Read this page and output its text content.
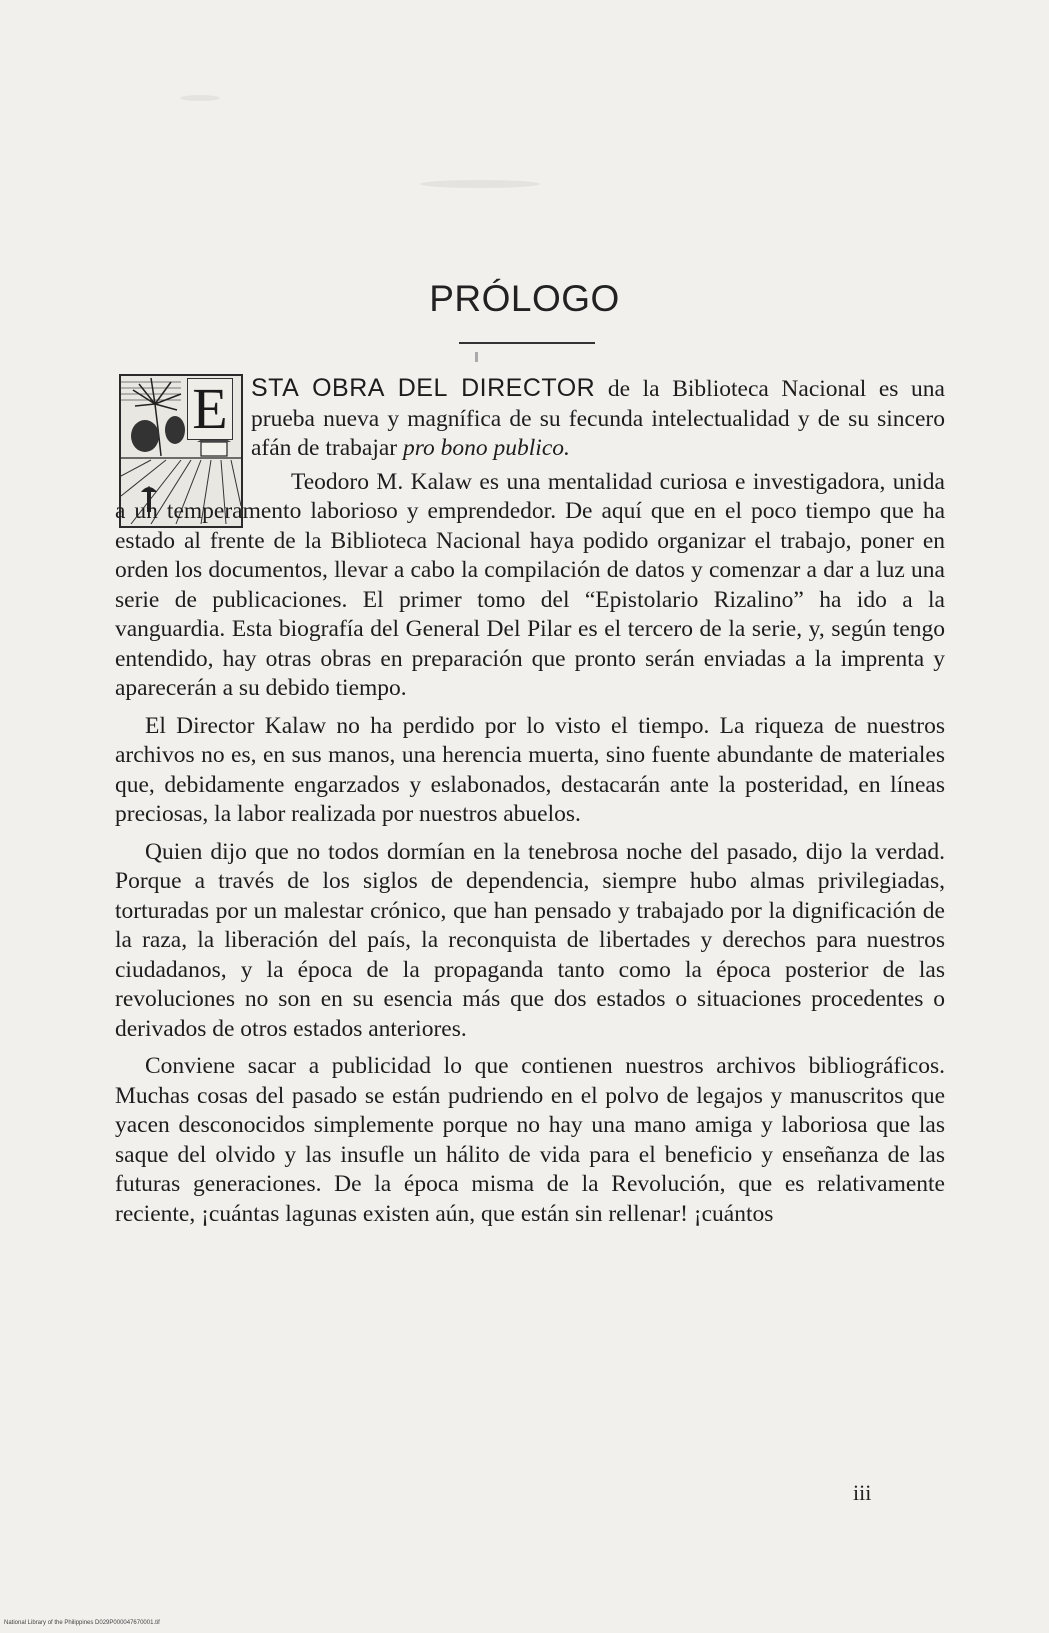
PRÓLOGO
E STA OBRA DEL DIRECTOR de la Biblioteca Nacional es una prueba nueva y magnífica de su fecunda intelectualidad y de su sincero afán de trabajar pro bono publico.

Teodoro M. Kalaw es una mentalidad curiosa e investigadora, unida a un temperamento laborioso y emprendedor. De aquí que en el poco tiempo que ha estado al frente de la Biblioteca Nacional haya podido organizar el trabajo, poner en orden los documentos, llevar a cabo la compilación de datos y comenzar a dar a luz una serie de publicaciones. El primer tomo del “Epistolario Rizalino” ha ido a la vanguardia. Esta biografía del General Del Pilar es el tercero de la serie, y, según tengo entendido, hay otras obras en preparación que pronto serán enviadas a la imprenta y aparecerán a su debido tiempo.

El Director Kalaw no ha perdido por lo visto el tiempo. La riqueza de nuestros archivos no es, en sus manos, una herencia muerta, sino fuente abundante de materiales que, debidamente engarzados y eslabonados, destacarán ante la posteridad, en líneas preciosas, la labor realizada por nuestros abuelos.

Quien dijo que no todos dormían en la tenebrosa noche del pasado, dijo la verdad. Porque a través de los siglos de dependencia, siempre hubo almas privilegiadas, torturadas por un malestar crónico, que han pensado y trabajado por la dignificación de la raza, la liberación del país, la reconquista de libertades y derechos para nuestros ciudadanos, y la época de la propaganda tanto como la época posterior de las revoluciones no son en su esencia más que dos estados o situaciones procedentes o derivados de otros estados anteriores.

Conviene sacar a publicidad lo que contienen nuestros archivos bibliográficos. Muchas cosas del pasado se están pudriendo en el polvo de legajos y manuscritos que yacen desconocidos simplemente porque no hay una mano amiga y laboriosa que las saque del olvido y las insufle un hálito de vida para el beneficio y enseñanza de las futuras generaciones. De la época misma de la Revolución, que es relativamente reciente, ¡cuántas lagunas existen aún, que están sin rellenar! ¡cuántos

iii
National Library of the Philippines D029P000047670001.tif
